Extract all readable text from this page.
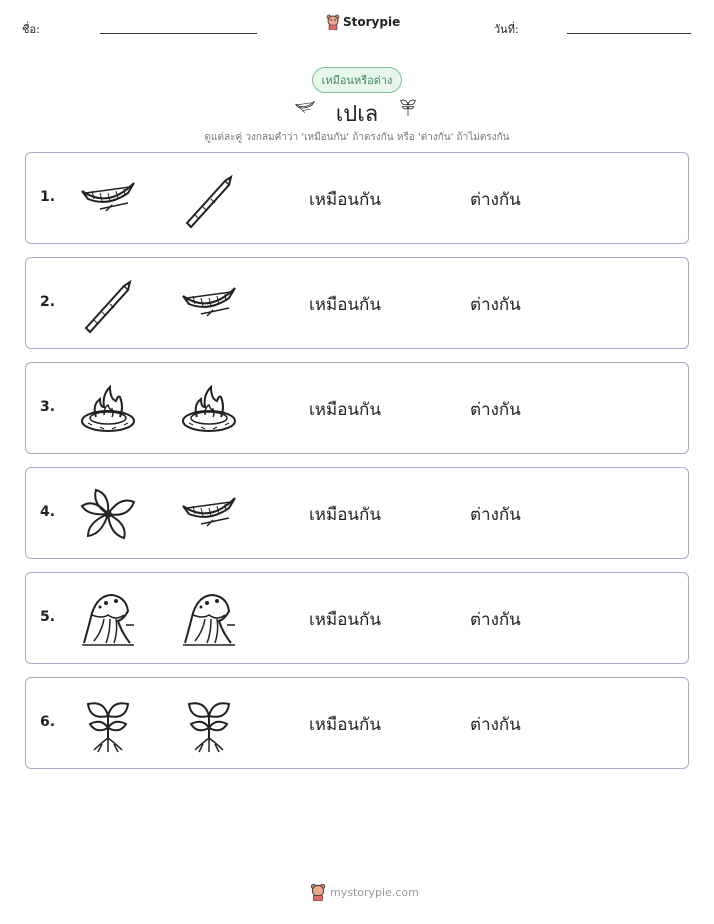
ชื่อ:
Storypie
วันที่:
เหมือนหรือต่าง
เปเล
ดูแต่ละคู่ วงกลมคำว่า 'เหมือนกัน' ถ้าตรงกัน หรือ 'ต่างกัน' ถ้าไม่ตรงกัน
1.	เหมือนกัน	ต่างกัน
2.	เหมือนกัน	ต่างกัน
3.	เหมือนกัน	ต่างกัน
4.	เหมือนกัน	ต่างกัน
5.	เหมือนกัน	ต่างกัน
6.	เหมือนกัน	ต่างกัน
mystorypie.com
